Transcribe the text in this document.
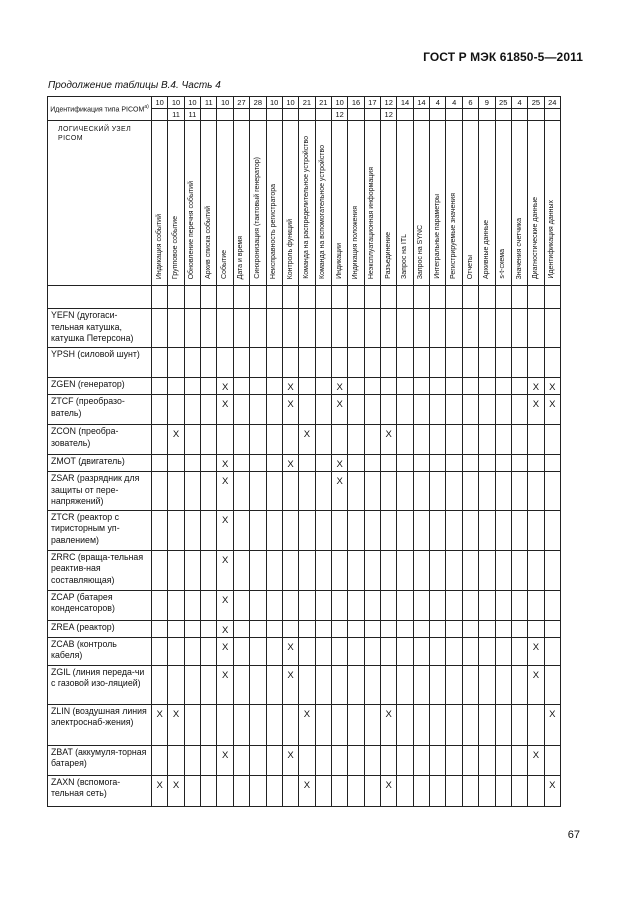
ГОСТ Р МЭК 61850-5—2011
Продолжение таблицы В.4. Часть 4
Идентификация типа $PICOM^{а)}$	10	10	10	11	10	27	28	10	10	21	21	10	16	17	12	14	14	4	4	6	9	25	4	25	24
		11	11									12			12										
ЛОГИЧЕСКИЙ УЗЕЛ PICOM	Индикация событий	Групповое событие	Обновление перечня событий	Архив списка событий	Событие	Дата и время	Синхронизация (тактовый генератор)	Неисправность регистратора	Контроль функций	Команда на распределительное устройство	Команда на вспомогательное устройство	Индикации	Индикация положения	Неэксплуатационная информация	Разъединение	Запрос на ITL	Запрос на SYNC	Интегральные параметры	Регистрируемые значения	Отчеты	Архивные данные	s-t-схема	Значения счетчика	Диагностические данные	Идентификация данных

YEFN (дугогаси-тельная катушка, катушка Петерсона)																									
YPSH (силовой шунт)																									
ZGEN (генератор)					X				X			X												X	X
ZTCF (преобразо-ватель)					X				X			X												X	X
ZCON (преобра-зователь)		X								X					X										
ZMOT (двигатель)					X				X			X													
ZSAR (разрядник для защиты от пере-напряжений)					X							X													
ZTCR (реактор с тиристорным уп-равлением)					X																				
ZRRC (враща-тельная реактив-ная составляющая)					X																				
ZCAP (батарея конденсаторов)					X																				
ZREA (реактор)					X																				
ZCAB (контроль кабеля)					X				X															X	
ZGIL (линия переда-чи с газовой изо-ляцией)					X				X															X	
ZLIN (воздушная линия электроснаб-жения)	X	X								X					X										X
ZBAT (аккумуля-торная батарея)					X				X															X	
ZAXN (вспомога-тельная сеть)	X	X								X					X										X
67
